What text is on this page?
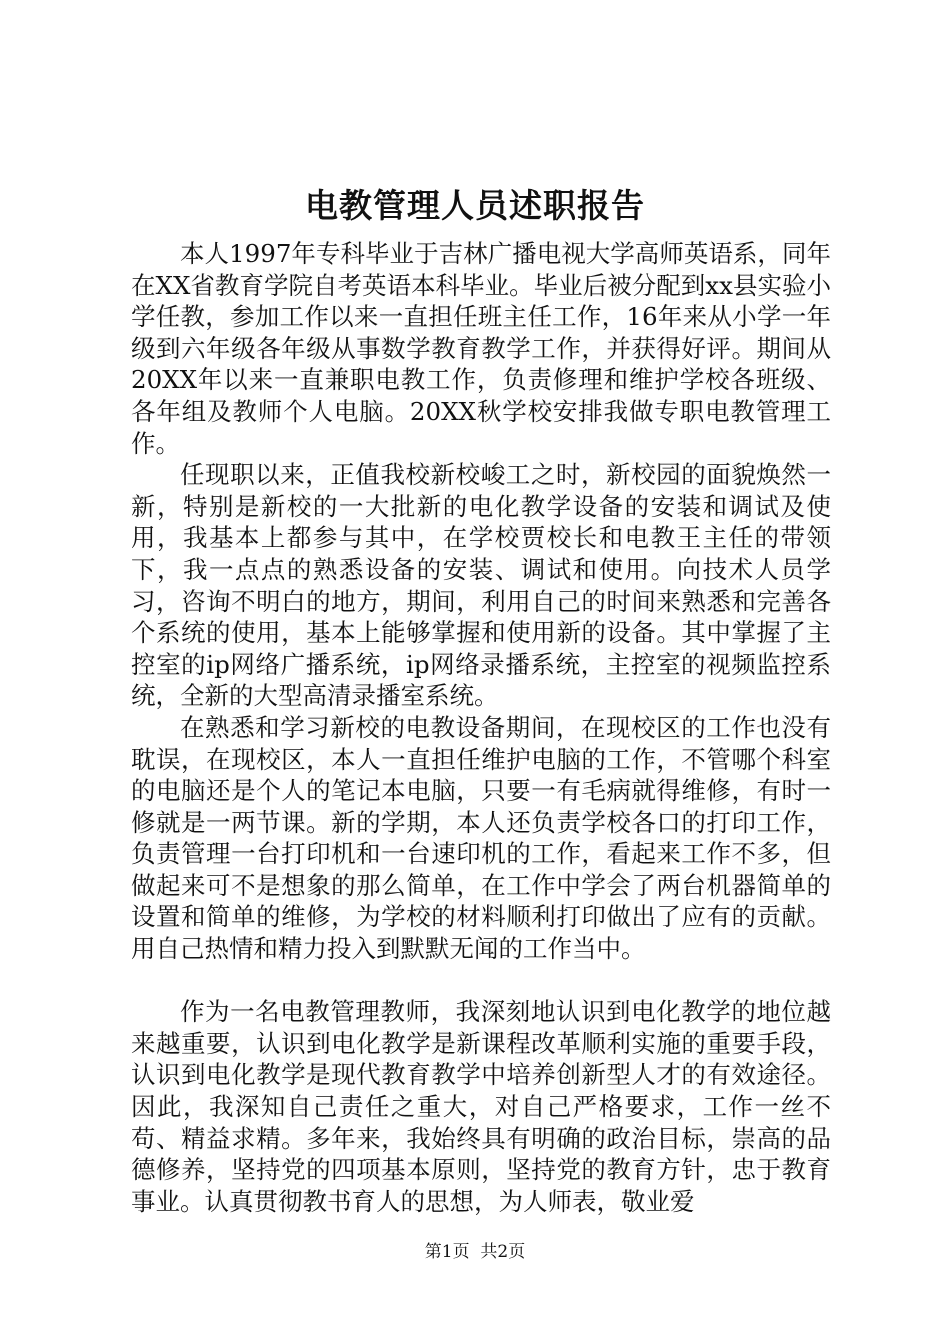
电教管理人员述职报告

本人1997年专科毕业于吉林广播电视大学高师英语系，同年在XX省教育学院自考英语本科毕业。毕业后被分配到xx县实验小学任教，参加工作以来一直担任班主任工作，16年来从小学一年级到六年级各年级从事数学教育教学工作，并获得好评。期间从20XX年以来一直兼职电教工作，负责修理和维护学校各班级、各年组及教师个人电脑。20XX秋学校安排我做专职电教管理工作。

任现职以来，正值我校新校峻工之时，新校园的面貌焕然一新，特别是新校的一大批新的电化教学设备的安装和调试及使用，我基本上都参与其中，在学校贾校长和电教王主任的带领下，我一点点的熟悉设备的安装、调试和使用。向技术人员学习，咨询不明白的地方，期间，利用自己的时间来熟悉和完善各个系统的使用，基本上能够掌握和使用新的设备。其中掌握了主控室的ip网络广播系统，ip网络录播系统，主控室的视频监控系统，全新的大型高清录播室系统。

在熟悉和学习新校的电教设备期间，在现校区的工作也没有耽误，在现校区，本人一直担任维护电脑的工作，不管哪个科室的电脑还是个人的笔记本电脑，只要一有毛病就得维修，有时一修就是一两节课。新的学期，本人还负责学校各口的打印工作，负责管理一台打印机和一台速印机的工作，看起来工作不多，但做起来可不是想象的那么简单，在工作中学会了两台机器简单的设置和简单的维修，为学校的材料顺利打印做出了应有的贡献。用自己热情和精力投入到默默无闻的工作当中。

作为一名电教管理教师，我深刻地认识到电化教学的地位越来越重要，认识到电化教学是新课程改革顺利实施的重要手段，认识到电化教学是现代教育教学中培养创新型人才的有效途径。因此，我深知自己责任之重大，对自己严格要求，工作一丝不苟、精益求精。多年来，我始终具有明确的政治目标，崇高的品德修养，坚持党的四项基本原则，坚持党的教育方针，忠于教育事业。认真贯彻教书育人的思想，为人师表，敬业爱

第1页  共2页
